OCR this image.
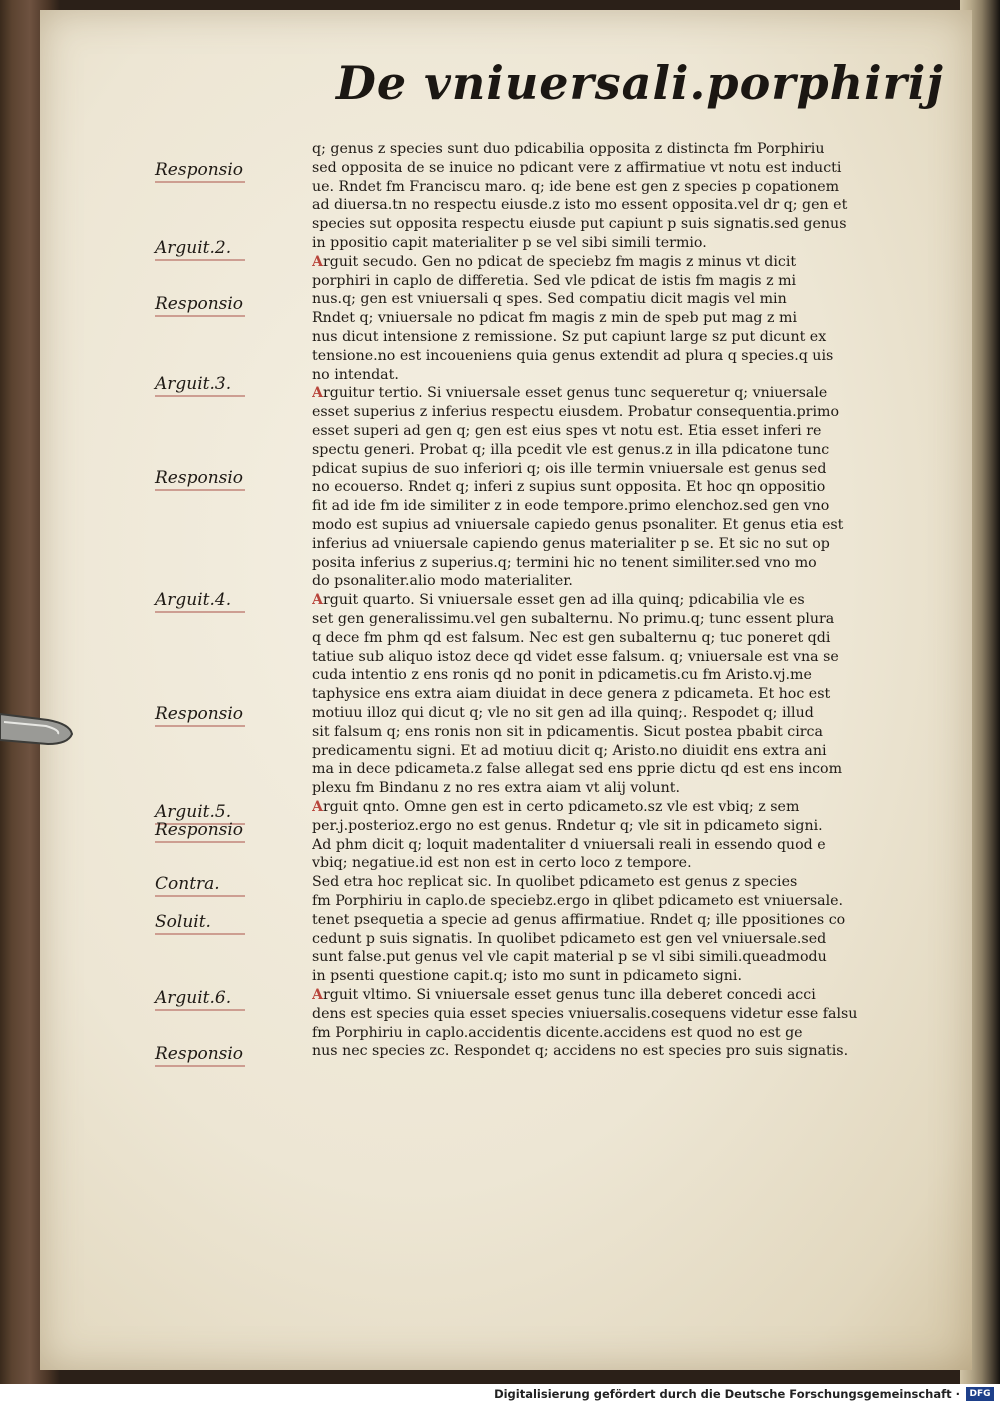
De vniuersali.porphirij
q; genus z species sunt duo pdicabilia opposita z distincta fm Porphiriu
sed opposita de se inuice no pdicant vere z affirmatiue vt notu est inducti
ue. Rndet fm Franciscu maro. q; ide bene est gen z species p copationem
ad diuersa.tn no respectu eiusde.z isto mo essent opposita.vel dr q; gen et
species sut opposita respectu eiusde put capiunt p suis signatis.sed genus
in ppositio capit materialiter p se vel sibi simili termio.
Arguit secudo. Gen no pdicat de speciebz fm magis z minus vt dicit
porphiri in caplo de differetia. Sed vle pdicat de istis fm magis z mi
nus.q; gen est vniuersali q spes. Sed compatiu dicit magis vel min
Rndet q; vniuersale no pdicat fm magis z min de speb put mag z mi
nus dicut intensione z remissione. Sz put capiunt large sz put dicunt ex
tensione.no est incoueniens quia genus extendit ad plura q species.q uis
no intendat.
Arguitur tertio. Si vniuersale esset genus tunc sequeretur q; vniuersale
esset superius z inferius respectu eiusdem. Probatur consequentia.primo
esset superi ad gen q; gen est eius spes vt notu est. Etia esset inferi re
spectu generi. Probat q; illa pcedit vle est genus.z in illa pdicatone tunc
pdicat supius de suo inferiori q; ois ille termin vniuersale est genus sed
no ecouerso. Rndet q; inferi z supius sunt opposita. Et hoc qn oppositio
fit ad ide fm ide similiter z in eode tempore.primo elenchoz.sed gen vno
modo est supius ad vniuersale capiedo genus psonaliter. Et genus etia est
inferius ad vniuersale capiendo genus materialiter p se. Et sic no sut op
posita inferius z superius.q; termini hic no tenent similiter.sed vno mo
do psonaliter.alio modo materialiter.
Arguit quarto. Si vniuersale esset gen ad illa quinq; pdicabilia vle es
set gen generalissimu.vel gen subalternu. No primu.q; tunc essent plura
q dece fm phm qd est falsum. Nec est gen subalternu q; tuc poneret qdi
tatiue sub aliquo istoz dece qd videt esse falsum. q; vniuersale est vna se
cuda intentio z ens ronis qd no ponit in pdicametis.cu fm Aristo.vj.me
taphysice ens extra aiam diuidat in dece genera z pdicameta. Et hoc est
motiuu illoz qui dicut q; vle no sit gen ad illa quinq;. Respodet q; illud
sit falsum q; ens ronis non sit in pdicamentis. Sicut postea pbabit circa
predicamentu signi. Et ad motiuu dicit q; Aristo.no diuidit ens extra ani
ma in dece pdicameta.z false allegat sed ens pprie dictu qd est ens incom
plexu fm Bindanu z no res extra aiam vt alij volunt.
Arguit qnto. Omne gen est in certo pdicameto.sz vle est vbiq; z sem
per.j.posterioz.ergo no est genus. Rndetur q; vle sit in pdicameto signi.
Ad phm dicit q; loquit madentaliter d vniuersali reali in essendo quod e
vbiq; negatiue.id est non est in certo loco z tempore.
Sed etra hoc replicat sic. In quolibet pdicameto est genus z species
fm Porphiriu in caplo.de speciebz.ergo in qlibet pdicameto est vniuersale.
tenet psequetia a specie ad genus affirmatiue. Rndet q; ille ppositiones co
cedunt p suis signatis. In quolibet pdicameto est gen vel vniuersale.sed
sunt false.put genus vel vle capit material p se vl sibi simili.queadmodu
in psenti questione capit.q; isto mo sunt in pdicameto signi.
Arguit vltimo. Si vniuersale esset genus tunc illa deberet concedi acci
dens est species quia esset species vniuersalis.cosequens videtur esse falsu
fm Porphiriu in caplo.accidentis dicente.accidens est quod no est ge
nus nec species zc. Respondet q; accidens no est species pro suis signatis.
Responsio
Arguit.2.
Responsio
Arguit.3.
Responsio
Arguit.4.
Responsio
Arguit.5.
Responsio
Contra.
Soluit.
Arguit.6.
Responsio
Digitalisierung gefördert durch die Deutsche Forschungsgemeinschaft ·	DFG
